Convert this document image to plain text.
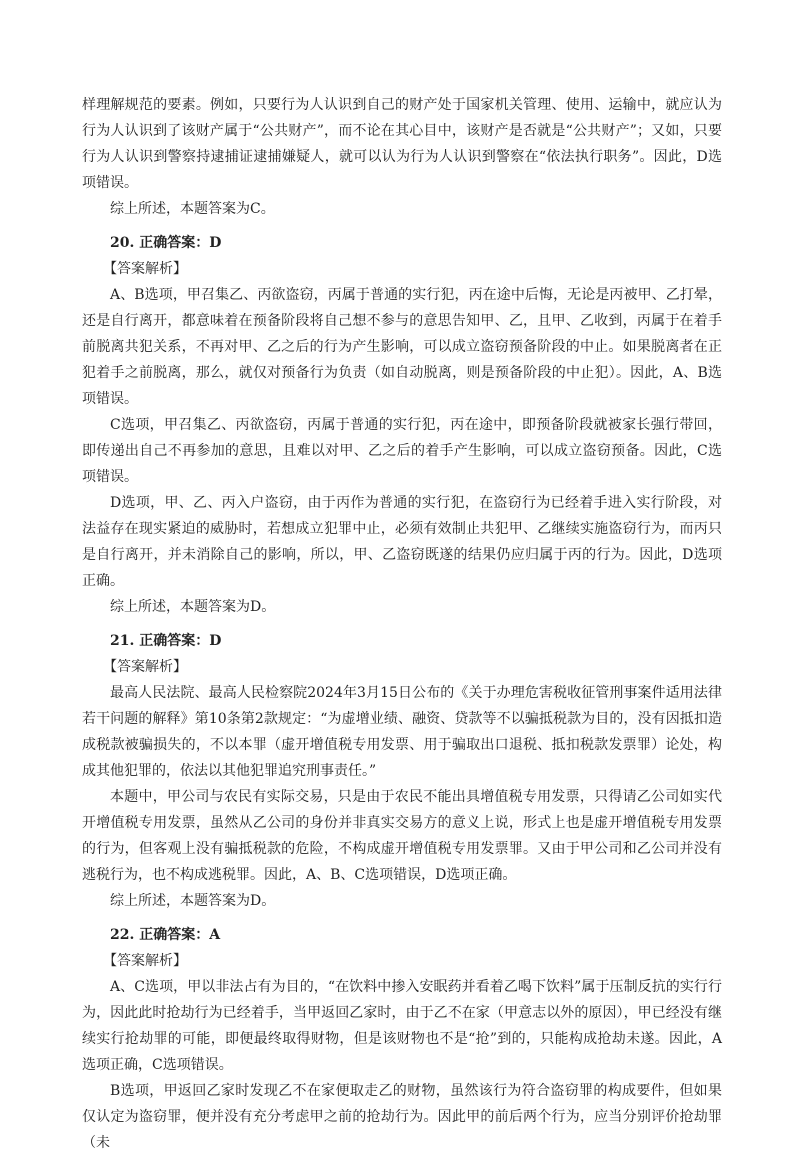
样理解规范的要素。例如，只要行为人认识到自己的财产处于国家机关管理、使用、运输中，就应认为行为人认识到了该财产属于“公共财产”，而不论在其心目中，该财产是否就是“公共财产”；又如，只要行为人认识到警察持逮捕证逮捕嫌疑人，就可以认为行为人认识到警察在“依法执行职务”。因此，D选项错误。

综上所述，本题答案为C。

20. 正确答案：D

【答案解析】

A、B选项，甲召集乙、丙欲盗窃，丙属于普通的实行犯，丙在途中后悔，无论是丙被甲、乙打晕，还是自行离开，都意味着在预备阶段将自己想不参与的意思告知甲、乙，且甲、乙收到，丙属于在着手前脱离共犯关系，不再对甲、乙之后的行为产生影响，可以成立盗窃预备阶段的中止。如果脱离者在正犯着手之前脱离，那么，就仅对预备行为负责（如自动脱离，则是预备阶段的中止犯）。因此，A、B选项错误。

C选项，甲召集乙、丙欲盗窃，丙属于普通的实行犯，丙在途中，即预备阶段就被家长强行带回，即传递出自己不再参加的意思，且难以对甲、乙之后的着手产生影响，可以成立盗窃预备。因此，C选项错误。

D选项，甲、乙、丙入户盗窃，由于丙作为普通的实行犯，在盗窃行为已经着手进入实行阶段，对法益存在现实紧迫的威胁时，若想成立犯罪中止，必须有效制止共犯甲、乙继续实施盗窃行为，而丙只是自行离开，并未消除自己的影响，所以，甲、乙盗窃既遂的结果仍应归属于丙的行为。因此，D选项正确。

综上所述，本题答案为D。

21. 正确答案：D

【答案解析】

最高人民法院、最高人民检察院2024年3月15日公布的《关于办理危害税收征管刑事案件适用法律若干问题的解释》第10条第2款规定：“为虚增业绩、融资、贷款等不以骗抵税款为目的，没有因抵扣造成税款被骗损失的，不以本罪（虚开增值税专用发票、用于骗取出口退税、抵扣税款发票罪）论处，构成其他犯罪的，依法以其他犯罪追究刑事责任。”

本题中，甲公司与农民有实际交易，只是由于农民不能出具增值税专用发票，只得请乙公司如实代开增值税专用发票，虽然从乙公司的身份并非真实交易方的意义上说，形式上也是虚开增值税专用发票的行为，但客观上没有骗抵税款的危险，不构成虚开增值税专用发票罪。又由于甲公司和乙公司并没有逃税行为，也不构成逃税罪。因此，A、B、C选项错误，D选项正确。

综上所述，本题答案为D。

22. 正确答案：A

【答案解析】

A、C选项，甲以非法占有为目的，“在饮料中掺入安眠药并看着乙喝下饮料”属于压制反抗的实行行为，因此此时抢劫行为已经着手，当甲返回乙家时，由于乙不在家（甲意志以外的原因），甲已经没有继续实行抢劫罪的可能，即便最终取得财物，但是该财物也不是“抢”到的，只能构成抢劫未遂。因此，A选项正确，C选项错误。

B选项，甲返回乙家时发现乙不在家便取走乙的财物，虽然该行为符合盗窃罪的构成要件，但如果仅认定为盗窃罪，便并没有充分考虑甲之前的抢劫行为。因此甲的前后两个行为，应当分别评价抢劫罪（未
